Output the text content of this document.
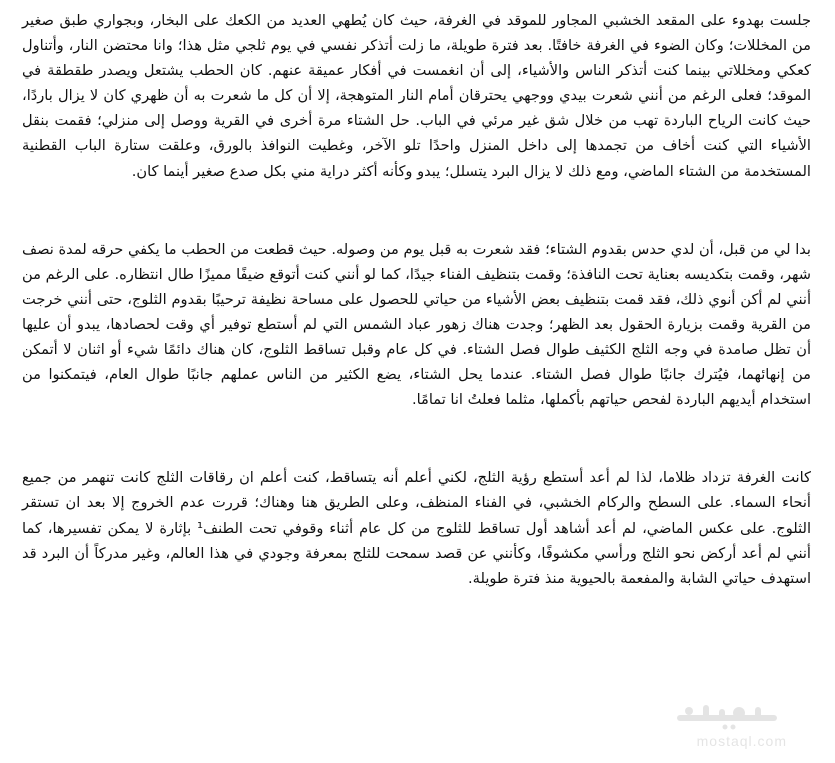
جلست بهدوء على المقعد الخشبي المجاور للموقد في الغرفة، حيث كان يُطهي العديد من الكعك على البخار، وبجواري طبق صغير من المخللات؛ وكان الضوء في الغرفة خافتًا. بعد فترة طويلة، ما زلت أتذكر نفسي في يوم ثلجي مثل هذا؛ وانا محتضن النار، وأتناول كعكي ومخللاتي بينما كنت أتذكر الناس والأشياء، إلى أن انغمست في أفكار عميقة عنهم. كان الحطب يشتعل ويصدر طقطقة في الموقد؛ فعلى الرغم من أنني شعرت بيدي ووجهي يحترقان أمام النار المتوهجة، إلا أن كل ما شعرت به أن ظهري كان لا يزال باردًا، حيث كانت الرياح الباردة تهب من خلال شق غير مرئي في الباب. حل الشتاء مرة أخرى في القرية ووصل إلى منزلي؛ فقمت بنقل الأشياء التي كنت أخاف من تجمدها إلى داخل المنزل واحدًا تلو الآخر، وغطيت النوافذ بالورق، وعلقت ستارة الباب القطنية المستخدمة من الشتاء الماضي، ومع ذلك لا يزال البرد يتسلل؛ يبدو وكأنه أكثر دراية مني بكل صدع صغير أينما كان.

بدا لي من قبل، أن لدي حدس بقدوم الشتاء؛ فقد شعرت به قبل يوم من وصوله. حيث قطعت من الحطب ما يكفي حرقه لمدة نصف شهر، وقمت بتكديسه بعناية تحت النافذة؛ وقمت بتنظيف الفناء جيدًا، كما لو أنني كنت أتوقع ضيفًا مميزًا طال انتظاره. على الرغم من أنني لم أكن أنوي ذلك، فقد قمت بتنظيف بعض الأشياء من حياتي للحصول على مساحة نظيفة ترحيبًا بقدوم الثلوج، حتى أنني خرجت من القرية وقمت بزيارة الحقول بعد الظهر؛ وجدت هناك زهور عباد الشمس التي لم أستطع توفير أي وقت لحصادها، يبدو أن عليها أن تظل صامدة في وجه الثلج الكثيف طوال فصل الشتاء. في كل عام وقبل تساقط الثلوج، كان هناك دائمًا شيء أو اثنان لا أتمكن من إنهائهما، فيُترك جانبًا طوال فصل الشتاء. عندما يحل الشتاء، يضع الكثير من الناس عملهم جانبًا طوال العام، فيتمكنوا من استخدام أيديهم الباردة لفحص حياتهم بأكملها، مثلما فعلتُ انا تمامًا.

كانت الغرفة تزداد ظلاما، لذا لم أعد أستطع رؤية الثلج، لكني أعلم أنه يتساقط، كنت أعلم ان رقاقات الثلج كانت تنهمر من جميع أنحاء السماء. على السطح والركام الخشبي، في الفناء المنظف، وعلى الطريق هنا وهناك؛ قررت عدم الخروج إلا بعد ان تستقر الثلوج. على عكس الماضي، لم أعد أشاهد أول تساقط للثلوج من كل عام أثناء وقوفي تحت الطنف¹ بإثارة لا يمكن تفسيرها، كما أنني لم أعد أركض نحو الثلج ورأسي مكشوفًا، وكأنني عن قصد سمحت للثلج بمعرفة وجودي في هذا العالم، وغير مدركاً أن البرد قد استهدف حياتي الشابة والمفعمة بالحيوية منذ فترة طويلة.

mostaql.com
